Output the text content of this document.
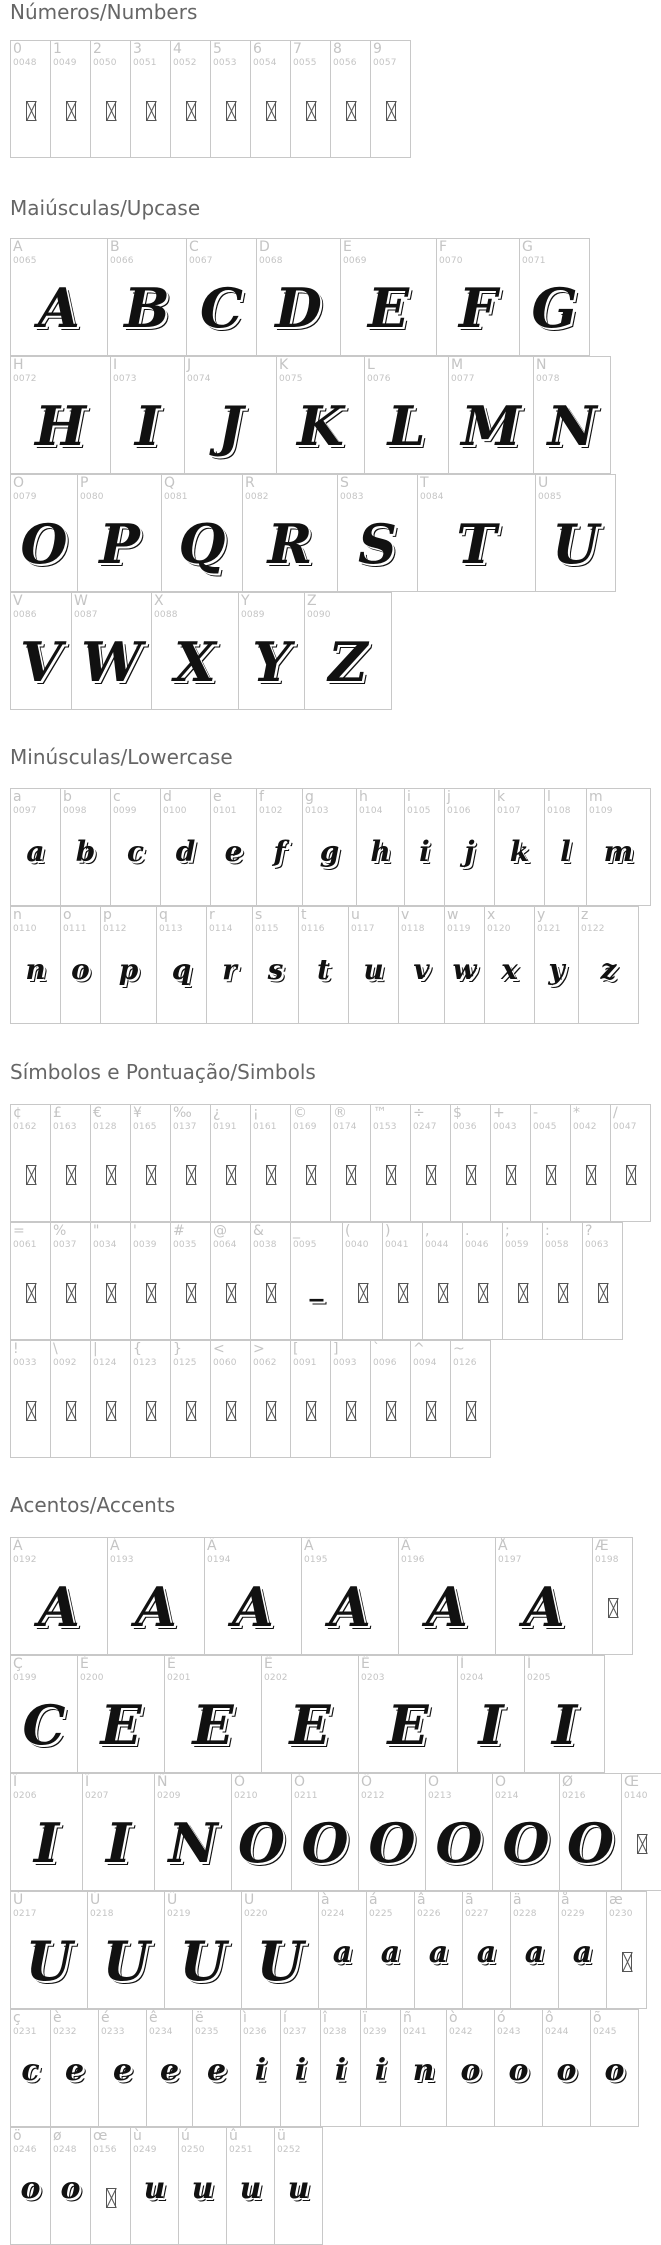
Números/Numbers
Maiúsculas/Upcase
Minúsculas/Lowercase
Símbolos e Pontuação/Simbols
Acentos/Accents
0
0048
1
0049
2
0050
3
0051
4
0052
5
0053
6
0054
7
0055
8
0056
9
0057
A
0065
A
B
0066
B
C
0067
C
D
0068
D
E
0069
E
F
0070
F
G
0071
G
H
0072
H
I
0073
I
J
0074
J
K
0075
K
L
0076
L
M
0077
M
N
0078
N
O
0079
O
P
0080
P
Q
0081
Q
R
0082
R
S
0083
S
T
0084
T
U
0085
U
V
0086
V
W
0087
W
X
0088
X
Y
0089
Y
Z
0090
Z
a
0097
a
b
0098
b
c
0099
c
d
0100
d
e
0101
e
f
0102
f
g
0103
g
h
0104
h
i
0105
i
j
0106
j
k
0107
k
l
0108
l
m
0109
m
n
0110
n
o
0111
o
p
0112
p
q
0113
q
r
0114
r
s
0115
s
t
0116
t
u
0117
u
v
0118
v
w
0119
w
x
0120
x
y
0121
y
z
0122
z
¢
0162
£
0163
€
0128
¥
0165
‰
0137
¿
0191
¡
0161
©
0169
®
0174
™
0153
÷
0247
$
0036
+
0043
-
0045
*
0042
/
0047
=
0061
%
0037
"
0034
'
0039
#
0035
@
0064
&
0038
_
0095
_
(
0040
)
0041
,
0044
.
0046
;
0059
:
0058
?
0063
!
0033
\
0092
|
0124
{
0123
}
0125
<
0060
>
0062
[
0091
]
0093
`
0096
^
0094
~
0126
À
0192
A
Á
0193
A
Â
0194
A
Ã
0195
A
Ä
0196
A
Å
0197
A
Æ
0198
Ç
0199
C
È
0200
E
É
0201
E
Ê
0202
E
Ë
0203
E
Ì
0204
I
Í
0205
I
Î
0206
I
Ï
0207
I
Ñ
0209
N
Ò
0210
O
Ó
0211
O
Ô
0212
O
Õ
0213
O
Ö
0214
O
Ø
0216
O
Œ
0140
Ù
0217
U
Ú
0218
U
Û
0219
U
Ü
0220
U
à
0224
a
á
0225
a
â
0226
a
ã
0227
a
ä
0228
a
å
0229
a
æ
0230
ç
0231
c
è
0232
e
é
0233
e
ê
0234
e
ë
0235
e
ì
0236
i
í
0237
i
î
0238
i
ï
0239
i
ñ
0241
n
ò
0242
o
ó
0243
o
ô
0244
o
õ
0245
o
ö
0246
o
ø
0248
o
œ
0156
ù
0249
u
ú
0250
u
û
0251
u
ü
0252
u
